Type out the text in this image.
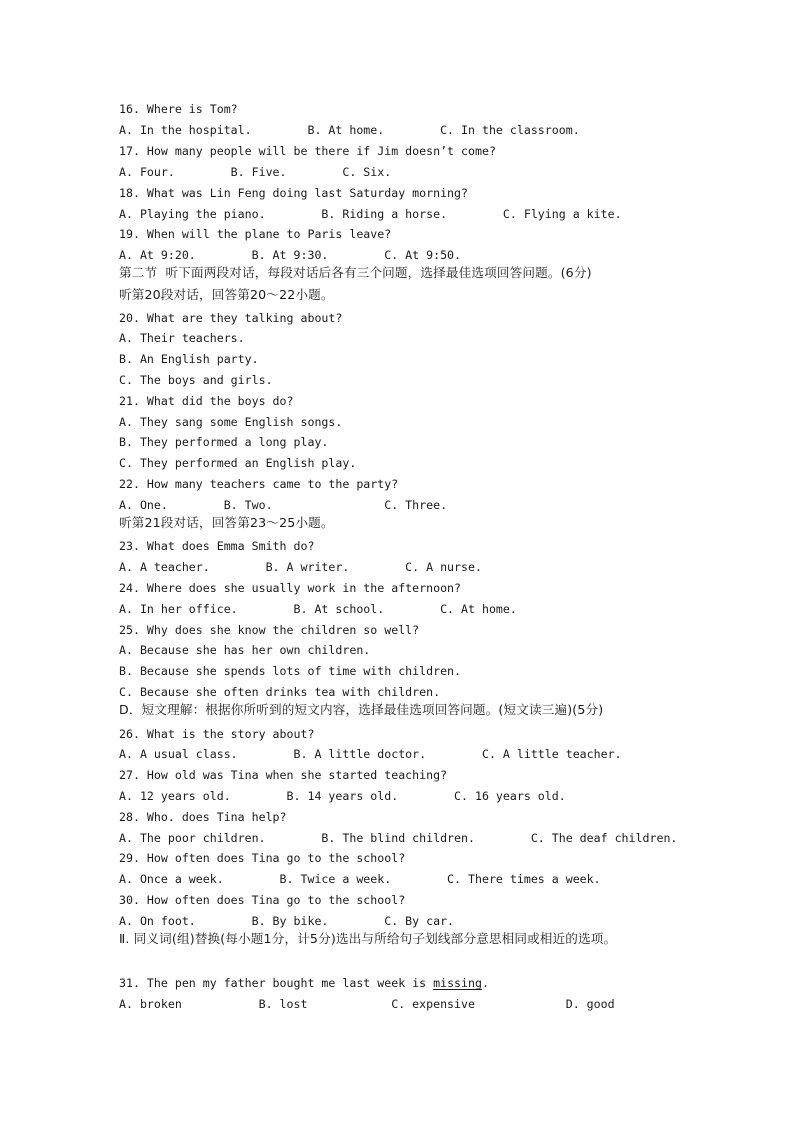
16. Where is Tom?
A. In the hospital.        B. At home.        C. In the classroom.
17. How many people will be there if Jim doesn’t come?
A. Four.        B. Five.        C. Six.
18. What was Lin Feng doing last Saturday morning?
A. Playing the piano.        B. Riding a horse.        C. Flying a kite.
19. When will the plane to Paris leave?
A. At 9:20.        B. At 9:30.        C. At 9:50.
第二节  听下面两段对话，每段对话后各有三个问题，选择最佳选项回答问题。(6分)
听第20段对话，回答第20～22小题。
20. What are they talking about?
A. Their teachers.
B. An English party.
C. The boys and girls.
21. What did the boys do?
A. They sang some English songs.
B. They performed a long play.
C. They performed an English play.
22. How many teachers came to the party?
A. One.        B. Two.                C. Three.
听第21段对话，回答第23～25小题。
23. What does Emma Smith do?
A. A teacher.        B. A writer.        C. A nurse.
24. Where does she usually work in the afternoon?
A. In her office.        B. At school.        C. At home.
25. Why does she know the children so well?
A. Because she has her own children.
B. Because she spends lots of time with children.
C. Because she often drinks tea with children.
D．短文理解：根据你所听到的短文内容，选择最佳选项回答问题。(短文读三遍)(5分)
26. What is the story about?
A. A usual class.        B. A little doctor.        C. A little teacher.
27. How old was Tina when she started teaching?
A. 12 years old.        B. 14 years old.        C. 16 years old.
28. Who. does Tina help?
A. The poor children.        B. The blind children.        C. The deaf children.
29. How often does Tina go to the school?
A. Once a week.        B. Twice a week.        C. There times a week.
30. How often does Tina go to the school?
A. On foot.        B. By bike.        C. By car.
Ⅱ. 同义词(组)替换(每小题1分，计5分)选出与所给句子划线部分意思相同或相近的选项。
31. The pen my father bought me last week is missing.
A. broken           B. lost            C. expensive             D. good
